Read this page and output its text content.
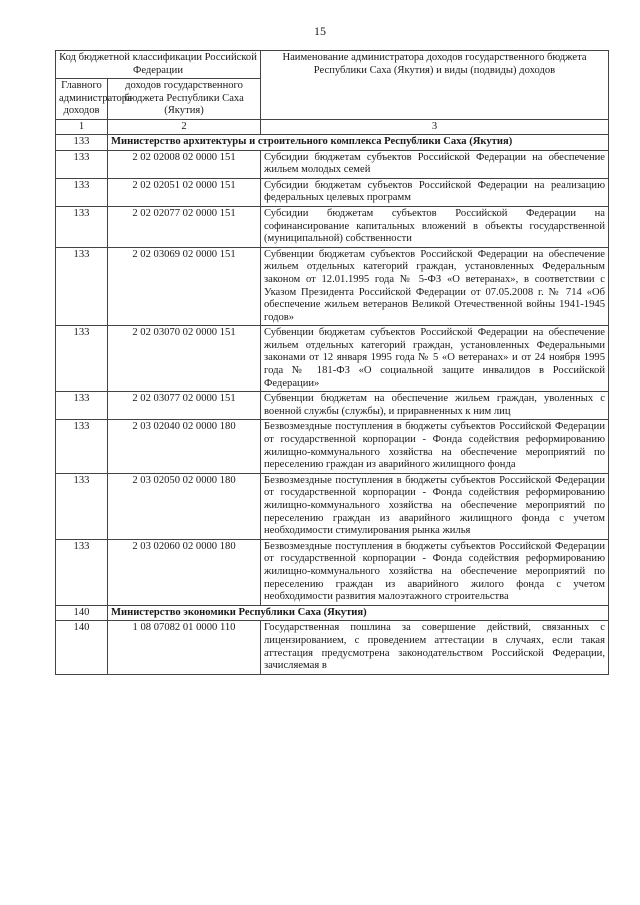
15
Код бюджетной классификации Российской Федерации		Наименование администратора доходов государственного бюджета Республики Саха (Якутия) и виды (подвиды) доходов
Главного администратора доходов	доходов государственного бюджета Республики Саха (Якутия)	
1	2	3
133	Министерство архитектуры и строительного комплекса Республики Саха (Якутия)	
133	2 02 02008 02 0000 151	Субсидии бюджетам субъектов Российской Федерации на обеспечение жильем молодых семей
133	2 02 02051 02 0000 151	Субсидии бюджетам субъектов Российской Федерации на реализацию федеральных целевых программ
133	2 02 02077 02 0000 151	Субсидии бюджетам субъектов Российской Федерации на софинансирование капитальных вложений в объекты государственной (муниципальной) собственности
133	2 02 03069 02 0000 151	Субвенции бюджетам субъектов Российской Федерации на обеспечение жильем отдельных категорий граждан, установленных Федеральным законом от 12.01.1995 года № 5-ФЗ «О ветеранах», в соответствии с Указом Президента Российской Федерации от 07.05.2008 г. № 714 «Об обеспечение жильем ветеранов Великой Отечественной войны 1941-1945 годов»
133	2 02 03070 02 0000 151	Субвенции бюджетам субъектов Российской Федерации на обеспечение жильем отдельных категорий граждан, установленных Федеральными законами от 12 января 1995 года № 5 «О ветеранах» и от 24 ноября 1995 года № 181-ФЗ «О социальной защите инвалидов в Российской Федерации»
133	2 02 03077 02 0000 151	Субвенции бюджетам на обеспечение жильем граждан, уволенных с военной службы (службы), и приравненных к ним лиц
133	2 03 02040 02 0000 180	Безвозмездные поступления в бюджеты субъектов Российской Федерации от государственной корпорации - Фонда содействия реформированию жилищно-коммунального хозяйства на обеспечение мероприятий по переселению граждан из аварийного жилищного фонда
133	2 03 02050 02 0000 180	Безвозмездные поступления в бюджеты субъектов Российской Федерации от государственной корпорации - Фонда содействия реформированию жилищно-коммунального хозяйства на обеспечение мероприятий по переселению граждан из аварийного жилищного фонда с учетом необходимости стимулирования рынка жилья
133	2 03 02060 02 0000 180	Безвозмездные поступления в бюджеты субъектов Российской Федерации от государственной корпорации - Фонда содействия реформированию жилищно-коммунального хозяйства на обеспечение мероприятий по переселению граждан из аварийного жилого фонда с учетом необходимости развития малоэтажного строительства
140	Министерство экономики Республики Саха (Якутия)	
140	1 08 07082 01 0000 110	Государственная пошлина за совершение действий, связанных с лицензированием, с проведением аттестации в случаях, если такая аттестация предусмотрена законодательством Российской Федерации, зачисляемая в
